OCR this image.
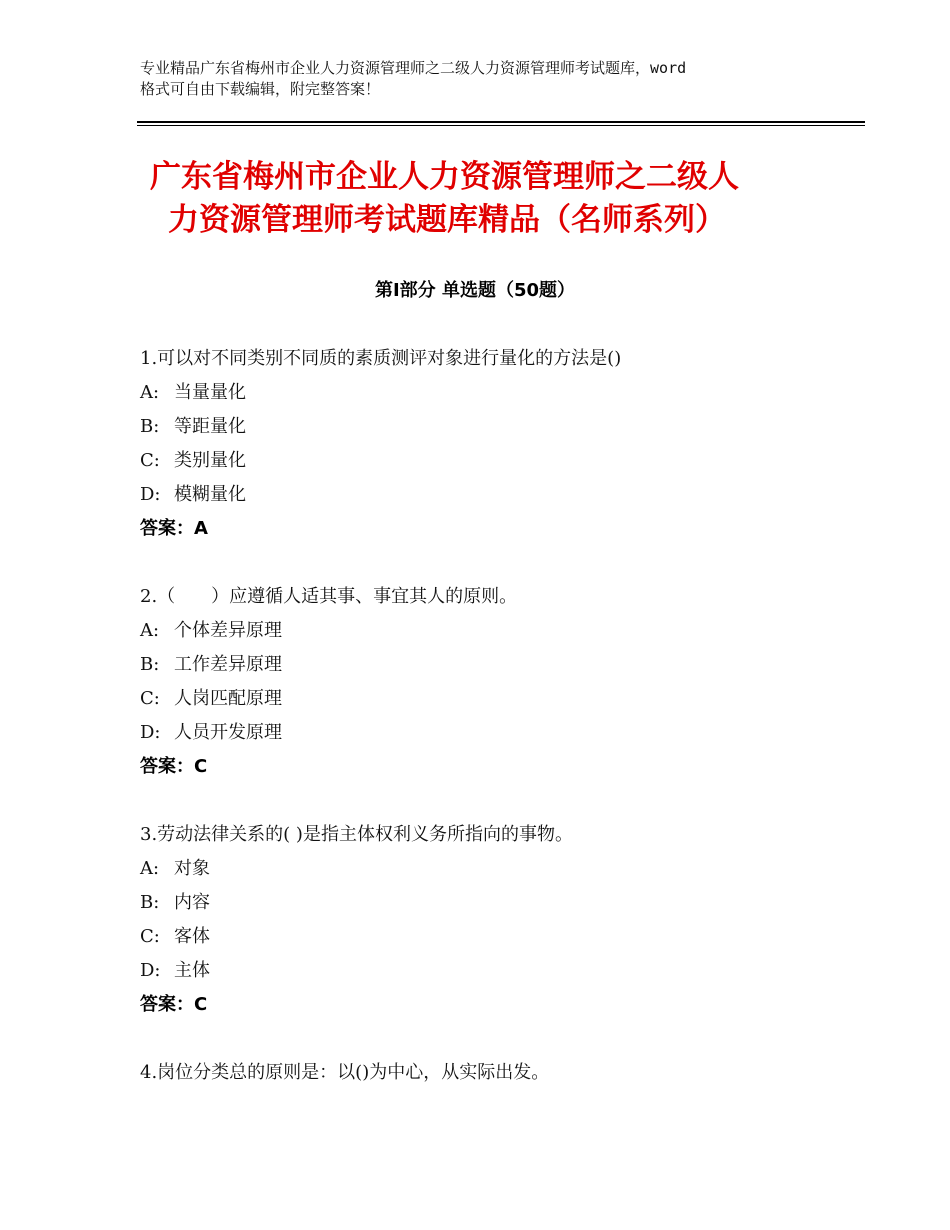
专业精品广东省梅州市企业人力资源管理师之二级人力资源管理师考试题库，word
格式可自由下载编辑，附完整答案！
广东省梅州市企业人力资源管理师之二级人
力资源管理师考试题库精品（名师系列）
第Ⅰ部分 单选题（50题）
1.可以对不同类别不同质的素质测评对象进行量化的方法是()
A: 当量量化
B: 等距量化
C: 类别量化
D: 模糊量化
答案：A
2.（　　）应遵循人适其事、事宜其人的原则。
A: 个体差异原理
B: 工作差异原理
C: 人岗匹配原理
D: 人员开发原理
答案：C
3.劳动法律关系的( )是指主体权利义务所指向的事物。
A: 对象
B: 内容
C: 客体
D: 主体
答案：C
4.岗位分类总的原则是：以()为中心，从实际出发。
